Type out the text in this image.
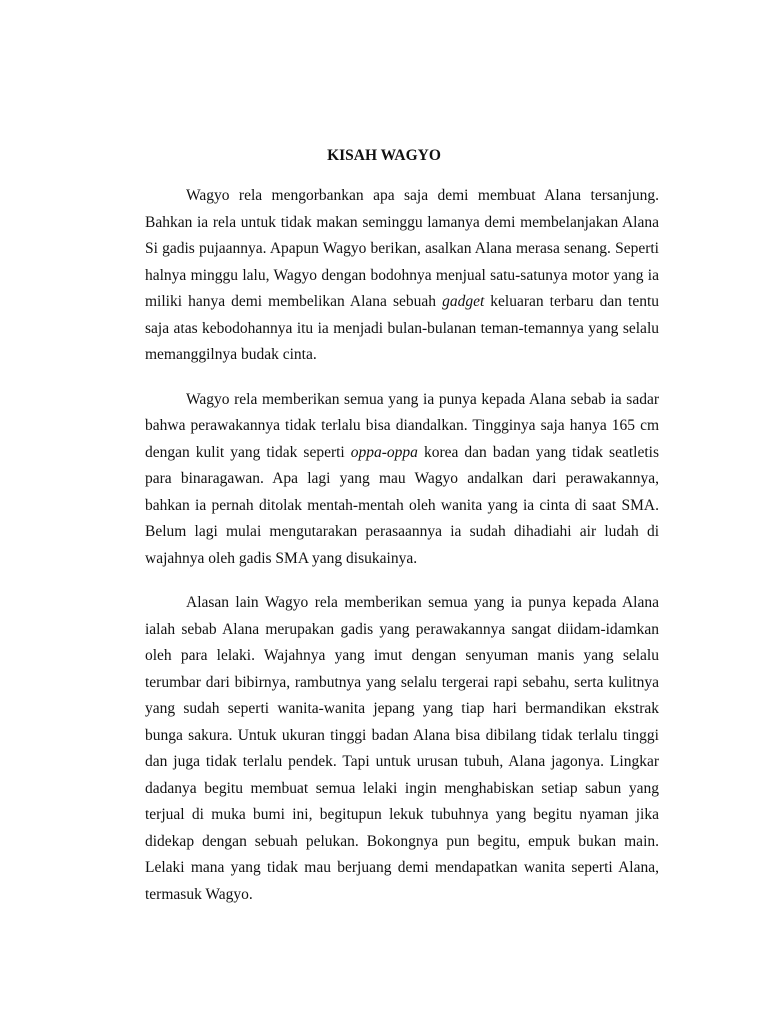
KISAH WAGYO

Wagyo rela mengorbankan apa saja demi membuat Alana tersanjung. Bahkan ia rela untuk tidak makan seminggu lamanya demi membelanjakan Alana Si gadis pujaannya. Apapun Wagyo berikan, asalkan Alana merasa senang. Seperti halnya minggu lalu, Wagyo dengan bodohnya menjual satu-satunya motor yang ia miliki hanya demi membelikan Alana sebuah gadget keluaran terbaru dan tentu saja atas kebodohannya itu ia menjadi bulan-bulanan teman-temannya yang selalu memanggilnya budak cinta.

Wagyo rela memberikan semua yang ia punya kepada Alana sebab ia sadar bahwa perawakannya tidak terlalu bisa diandalkan. Tingginya saja hanya 165 cm dengan kulit yang tidak seperti oppa-oppa korea dan badan yang tidak seatletis para binaragawan. Apa lagi yang mau Wagyo andalkan dari perawakannya, bahkan ia pernah ditolak mentah-mentah oleh wanita yang ia cinta di saat SMA. Belum lagi mulai mengutarakan perasaannya ia sudah dihadiahi air ludah di wajahnya oleh gadis SMA yang disukainya.

Alasan lain Wagyo rela memberikan semua yang ia punya kepada Alana ialah sebab Alana merupakan gadis yang perawakannya sangat diidam-idamkan oleh para lelaki. Wajahnya yang imut dengan senyuman manis yang selalu terumbar dari bibirnya, rambutnya yang selalu tergerai rapi sebahu, serta kulitnya yang sudah seperti wanita-wanita jepang yang tiap hari bermandikan ekstrak bunga sakura. Untuk ukuran tinggi badan Alana bisa dibilang tidak terlalu tinggi dan juga tidak terlalu pendek. Tapi untuk urusan tubuh, Alana jagonya. Lingkar dadanya begitu membuat semua lelaki ingin menghabiskan setiap sabun yang terjual di muka bumi ini, begitupun lekuk tubuhnya yang begitu nyaman jika didekap dengan sebuah pelukan. Bokongnya pun begitu, empuk bukan main. Lelaki mana yang tidak mau berjuang demi mendapatkan wanita seperti Alana, termasuk Wagyo.
